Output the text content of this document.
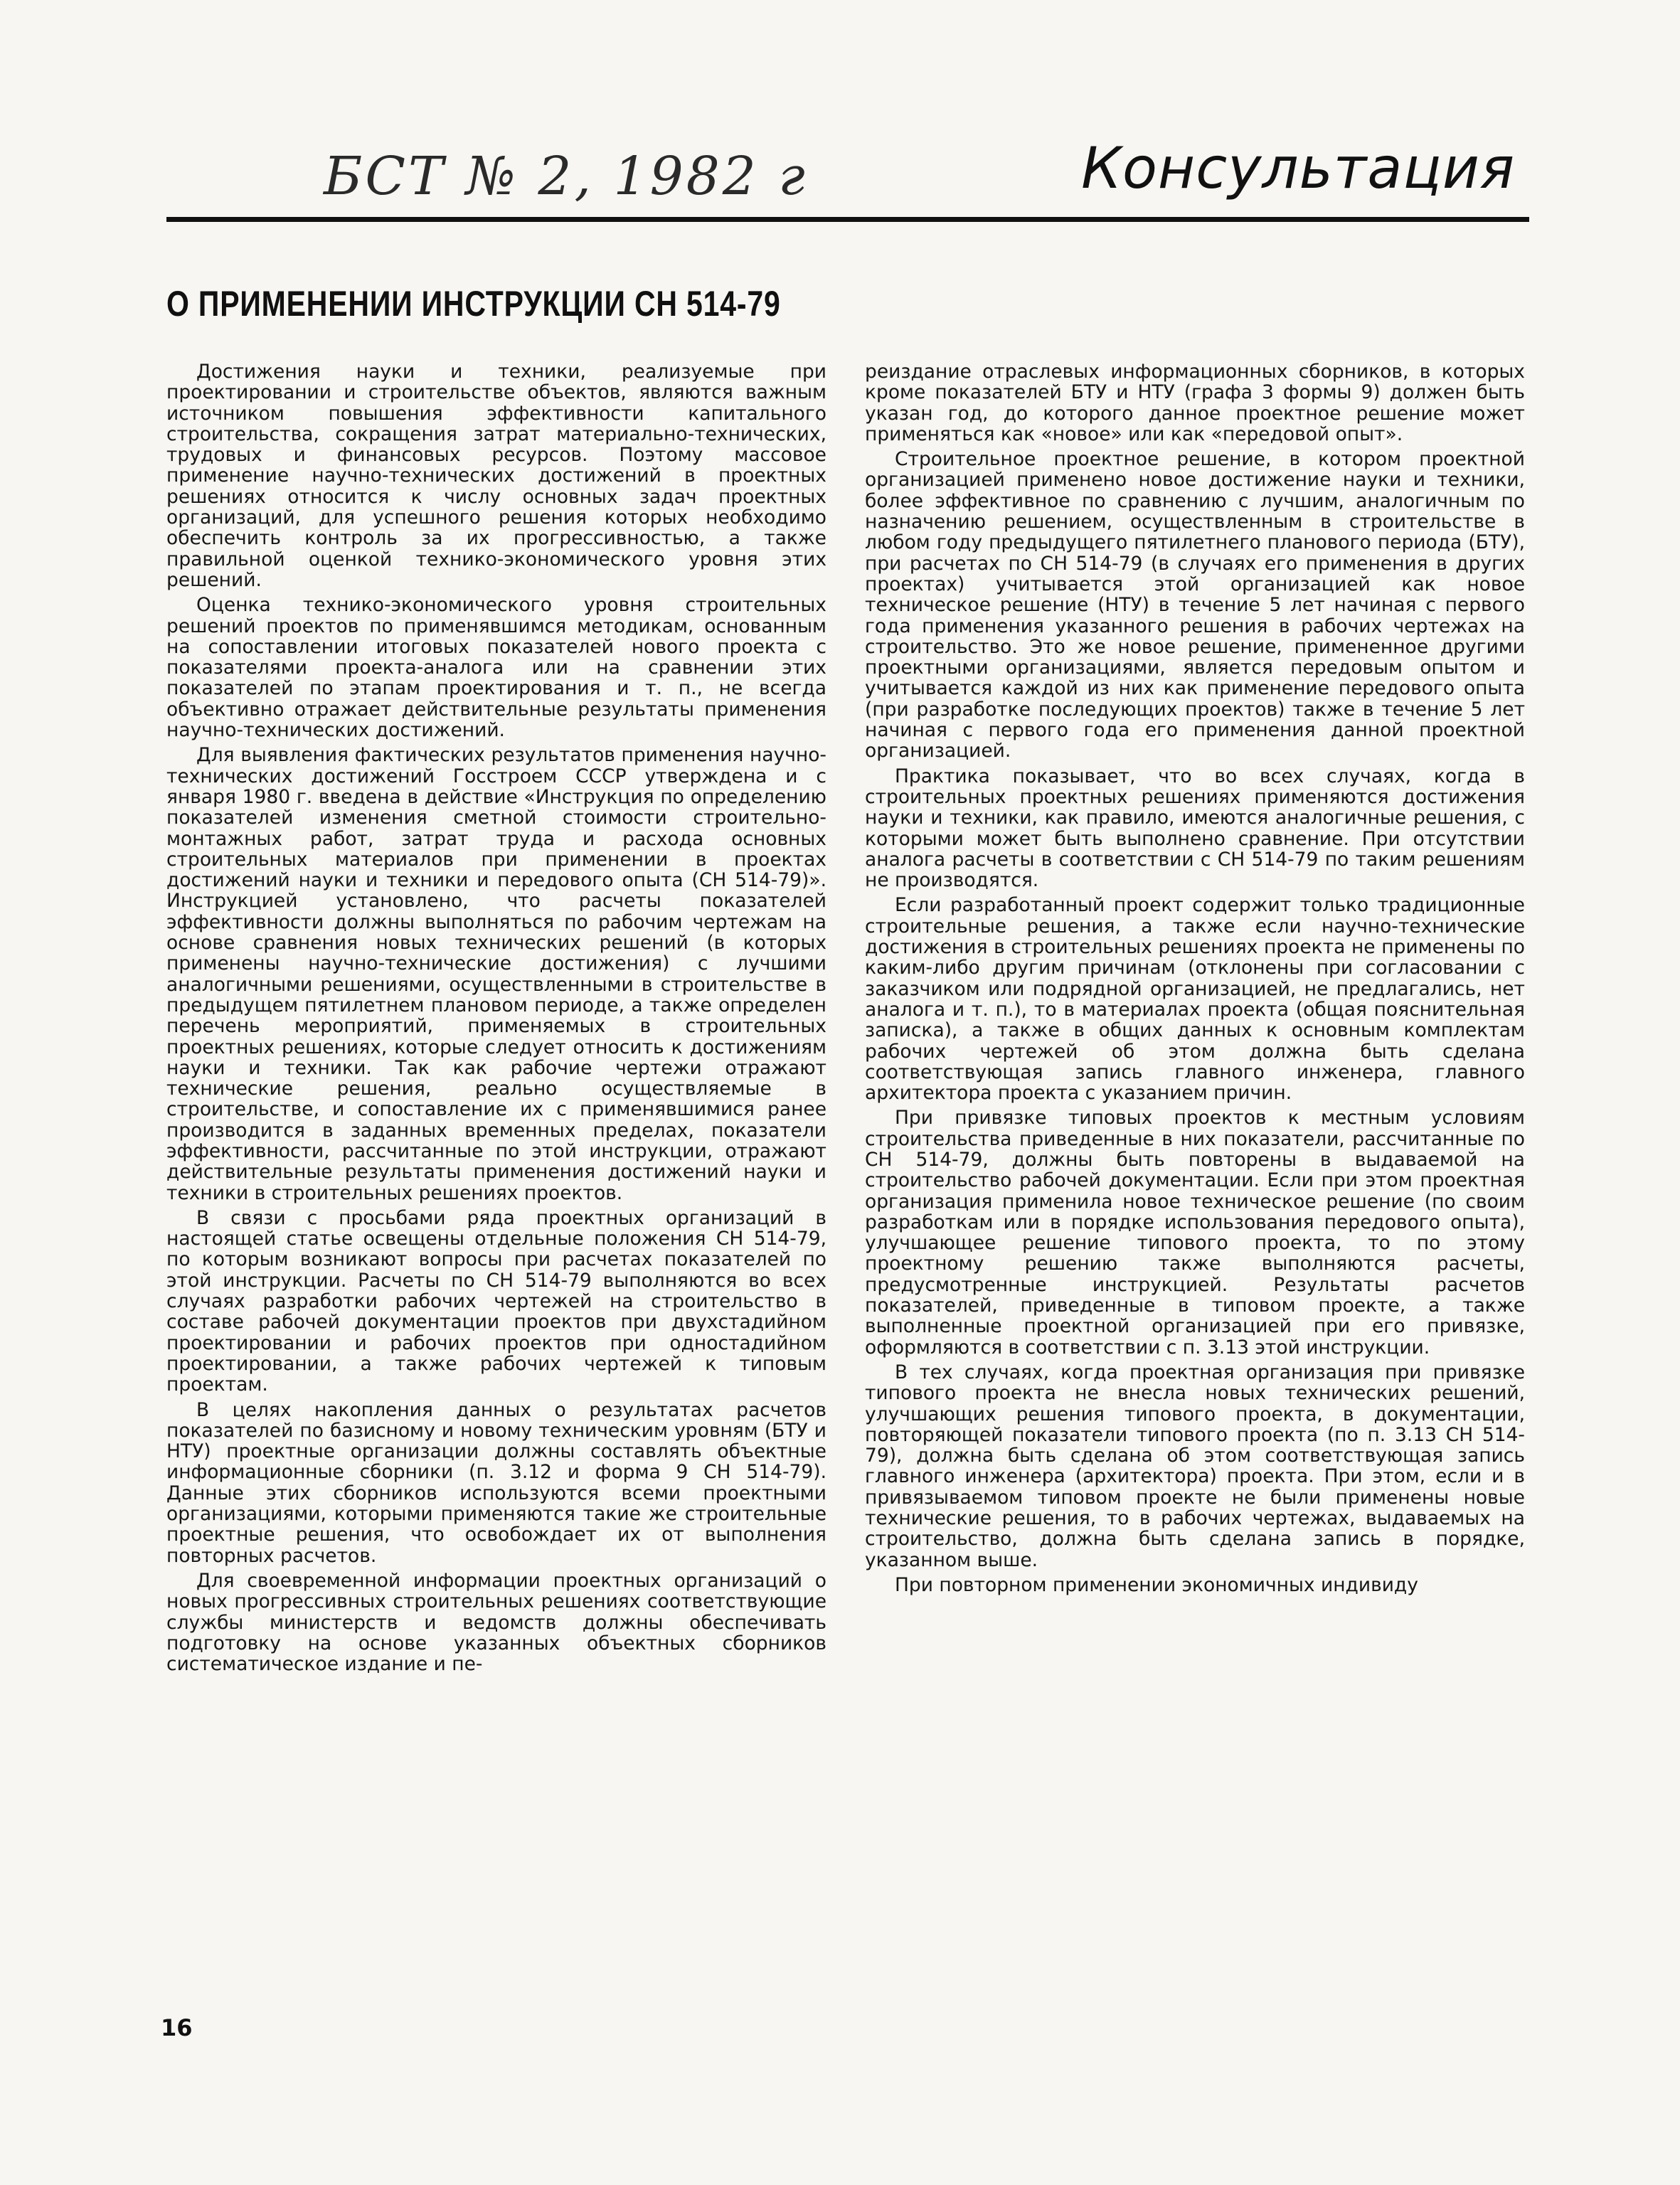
БСТ № 2, 1982 г	Консультация
О ПРИМЕНЕНИИ ИНСТРУКЦИИ СН 514-79

Достижения науки и техники, реализуемые при проектировании и строительстве объектов, являются важным источником повышения эффективности капитального строительства, сокращения затрат материально-технических, трудовых и финансовых ресурсов. Поэтому массовое применение научно-технических достижений в проектных решениях относится к числу основных задач проектных организаций, для успешного решения которых необходимо обеспечить контроль за их прогрессивностью, а также правильной оценкой технико-экономического уровня этих решений.

Оценка технико-экономического уровня строительных решений проектов по применявшимся методикам, основанным на сопоставлении итоговых показателей нового проекта с показателями проекта-аналога или на сравнении этих показателей по этапам проектирования и т. п., не всегда объективно отражает действительные результаты применения научно-технических достижений.

Для выявления фактических результатов применения научно-технических достижений Госстроем СССР утверждена и с января 1980 г. введена в действие «Инструкция по определению показателей изменения сметной стоимости строительно-монтажных работ, затрат труда и расхода основных строительных материалов при применении в проектах достижений науки и техники и передового опыта (СН 514-79)». Инструкцией установлено, что расчеты показателей эффективности должны выполняться по рабочим чертежам на основе сравнения новых технических решений (в которых применены научно-технические достижения) с лучшими аналогичными решениями, осуществленными в строительстве в предыдущем пятилетнем плановом периоде, а также определен перечень мероприятий, применяемых в строительных проектных решениях, которые следует относить к достижениям науки и техники. Так как рабочие чертежи отражают технические решения, реально осуществляемые в строительстве, и сопоставление их с применявшимися ранее производится в заданных временных пределах, показатели эффективности, рассчитанные по этой инструкции, отражают действительные результаты применения достижений науки и техники в строительных решениях проектов.

В связи с просьбами ряда проектных организаций в настоящей статье освещены отдельные положения СН 514-79, по которым возникают вопросы при расчетах показателей по этой инструкции. Расчеты по СН 514-79 выполняются во всех случаях разработки рабочих чертежей на строительство в составе рабочей документации проектов при двухстадийном проектировании и рабочих проектов при одностадийном проектировании, а также рабочих чертежей к типовым проектам.

В целях накопления данных о результатах расчетов показателей по базисному и новому техническим уровням (БТУ и НТУ) проектные организации должны составлять объектные информационные сборники (п. 3.12 и форма 9 СН 514-79). Данные этих сборников используются всеми проектными организациями, которыми применяются такие же строительные проектные решения, что освобождает их от выполнения повторных расчетов.

Для своевременной информации проектных организаций о новых прогрессивных строительных решениях соответствующие службы министерств и ведомств должны обеспечивать подготовку на основе указанных объектных сборников систематическое издание и пе-

реиздание отраслевых информационных сборников, в которых кроме показателей БТУ и НТУ (графа 3 формы 9) должен быть указан год, до которого данное проектное решение может применяться как «новое» или как «передовой опыт».

Строительное проектное решение, в котором проектной организацией применено новое достижение науки и техники, более эффективное по сравнению с лучшим, аналогичным по назначению решением, осуществленным в строительстве в любом году предыдущего пятилетнего планового периода (БТУ), при расчетах по СН 514-79 (в случаях его применения в других проектах) учитывается этой организацией как новое техническое решение (НТУ) в течение 5 лет начиная с первого года применения указанного решения в рабочих чертежах на строительство. Это же новое решение, примененное другими проектными организациями, является передовым опытом и учитывается каждой из них как применение передового опыта (при разработке последующих проектов) также в течение 5 лет начиная с первого года его применения данной проектной организацией.

Практика показывает, что во всех случаях, когда в строительных проектных решениях применяются достижения науки и техники, как правило, имеются аналогичные решения, с которыми может быть выполнено сравнение. При отсутствии аналога расчеты в соответствии с СН 514-79 по таким решениям не производятся.

Если разработанный проект содержит только традиционные строительные решения, а также если научно-технические достижения в строительных решениях проекта не применены по каким-либо другим причинам (отклонены при согласовании с заказчиком или подрядной организацией, не предлагались, нет аналога и т. п.), то в материалах проекта (общая пояснительная записка), а также в общих данных к основным комплектам рабочих чертежей об этом должна быть сделана соответствующая запись главного инженера, главного архитектора проекта с указанием причин.

При привязке типовых проектов к местным условиям строительства приведенные в них показатели, рассчитанные по СН 514-79, должны быть повторены в выдаваемой на строительство рабочей документации. Если при этом проектная организация применила новое техническое решение (по своим разработкам или в порядке использования передового опыта), улучшающее решение типового проекта, то по этому проектному решению также выполняются расчеты, предусмотренные инструкцией. Результаты расчетов показателей, приведенные в типовом проекте, а также выполненные проектной организацией при его привязке, оформляются в соответствии с п. 3.13 этой инструкции.

В тех случаях, когда проектная организация при привязке типового проекта не внесла новых технических решений, улучшающих решения типового проекта, в документации, повторяющей показатели типового проекта (по п. 3.13 СН 514-79), должна быть сделана об этом соответствующая запись главного инженера (архитектора) проекта. При этом, если и в привязываемом типовом проекте не были применены новые технические решения, то в рабочих чертежах, выдаваемых на строительство, должна быть сделана запись в порядке, указанном выше.

При повторном применении экономичных индивиду

16
